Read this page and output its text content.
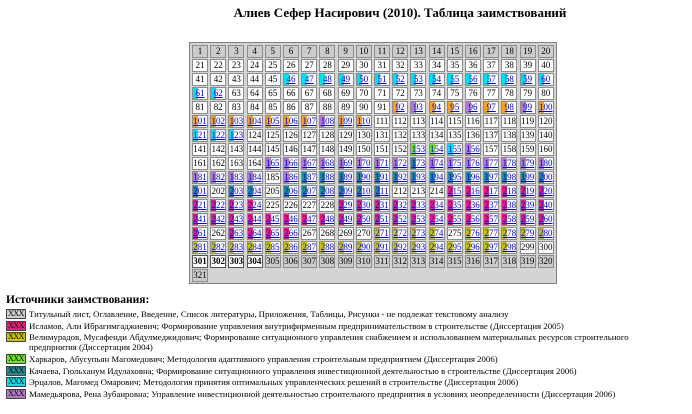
Алиев Сефер Насирович (2010). Таблица заимствований
1	2	3	4	5	6	7	8	9	10	11	12	13	14	15	16	17	18	19	20
21	22	23	24	25	26	27	28	29	30	31	32	33	34	35	36	37	38	39	40
41	42	43	44	45	46	47	48	49	50	51	52	53	54	55	56	57	58	59	60
61	62	63	64	65	66	67	68	69	70	71	72	73	74	75	76	77	78	79	80
81	82	83	84	85	86	87	88	89	90	91	92	93	94	95	96	97	98	99 100
101 102 103 104 105 106 107 108 109 110 111 112 113 114 115 116 117 118 119 120
121 122 123 124 125 126 127 128 129 130 131 132 133 134 135 136 137 138 139 140
141 142 143 144 145 146 147 148 149 150 151 152 153 154 155 156 157 158 159 160
161 162 163 164 165 166 167 168 169 170 171 172 173 174 175 176 177 178 179 180
181 182 183 184 185 186 187 188 189 190 191 192 193 194 195 196 197 198 199 200
201 202 203 204 205 206 207 208 209 210 211 212 213 214 215 216 217 218 219 220
221 222 223 224 225 226 227 228 229 230 231 232 233 234 235 236 237 238 239 240
241 242 243 244 245 246 247 248 249 250 251 252 253 254 255 256 257 258 259 260
261 262 263 264 265 266 267 268 269 270 271 272 273 274 275 276 277 278 279 280
281 282 283 284 285 286 287 288 289 290 291 292 293 294 295 296 297 298 299 300
301 302 303 304 305 306 307 308 309 310 311 312 313 314 315 316 317 318 319 320
321
Источники заимствования:
XXX Титульный лист, Оглавление, Введение, Список литературы, Приложения, Таблицы, Рисунки - не подлежат текстовому анализу
XXX Исламов, Али Ибрагимгаджиевич; Формирование управления внутрифирменным предпринимательством в строительстве (Диссертация 2005)
XXX Велимурадов, Мусафенди Абдулмеджидович; Формирование ситуационного управления снабжением и использованием материальных ресурсов строительного
предприятия (Диссертация 2004)
XXX Харкаров, Абусупьян Магомедович; Методология адаптивного управления строительным предприятием (Диссертация 2006)
XXX Качаева, Гюльханум Идулаховна; Формирование ситуационного управления инвестиционной деятельностью в строительстве (Диссертация 2006)
XXX Эрцалов, Магомед Омарович; Методология принятия оптимальных управленческих решений в строительстве (Диссертация 2006)
XXX Мамедьярова, Рена Зубаировна; Управление инвестиционной деятельностью строительного предприятия в условиях неопределенности (Диссертация 2006)
